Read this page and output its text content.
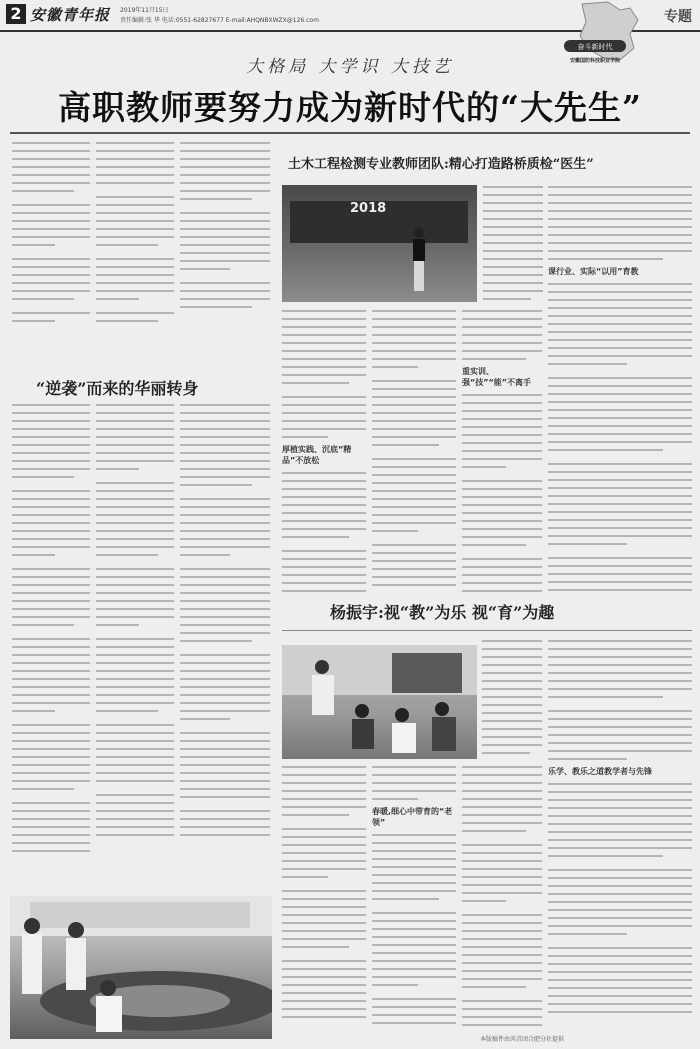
2 安徽青年报 2019年11月15日
责任编辑:张 华 电话:0551-62827677 E-mail:AHQNBXWZX@126.com	专题
奋斗新时代
安徽国防科技职业学院
大格局 大学识 大技艺
高职教师要努力成为新时代的“大先生”
“逆袭”而来的华丽转身
土木工程检测专业教师团队:精心打造路桥质检“医生”
2018
厚植实践、沉底“精品”不放松
重实训、强“技”“能”不离手
课行业、实际“以用”育教
杨振宇:视“教”为乐 视“育”为趣
春暖,细心中带育的“老领”
乐学、教乐之道教学者与先锋
本版稿件由共青团合肥分社提供
